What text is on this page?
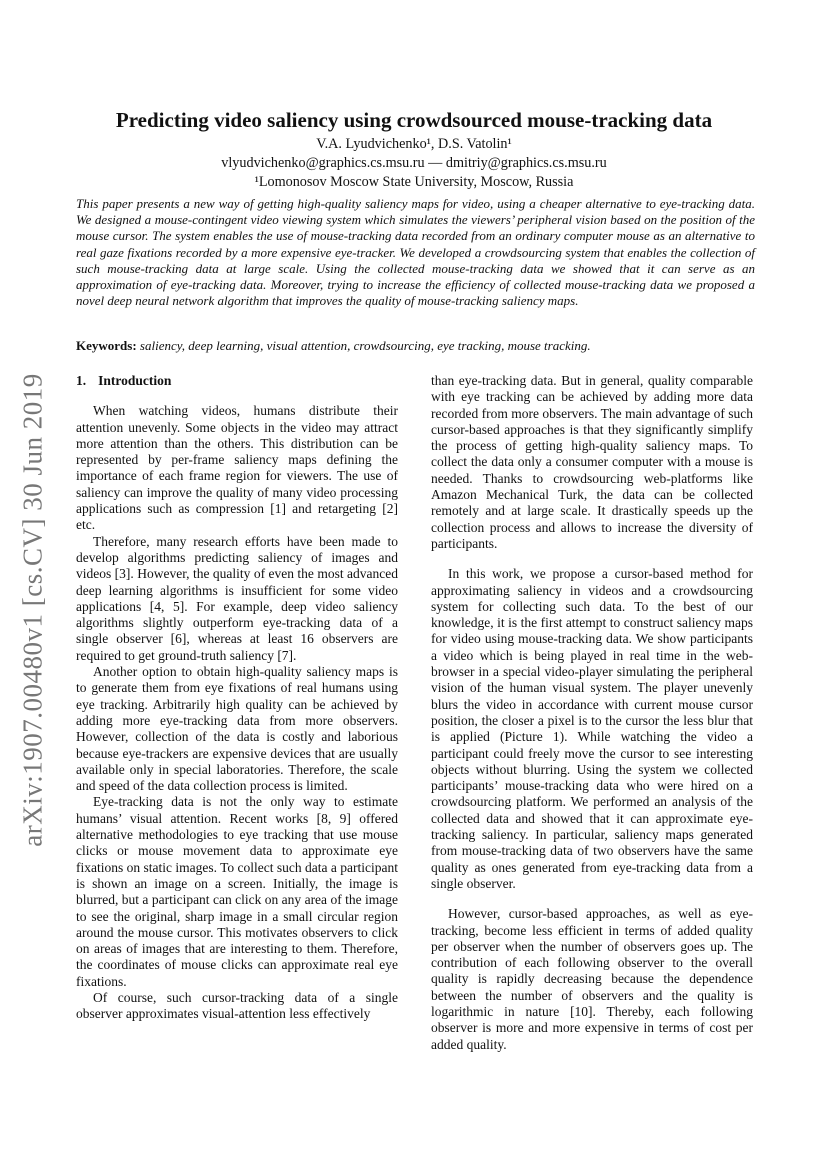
arXiv:1907.00480v1 [cs.CV] 30 Jun 2019
Predicting video saliency using crowdsourced mouse-tracking data
V.A. Lyudvichenko¹, D.S. Vatolin¹
vlyudvichenko@graphics.cs.msu.ru — dmitriy@graphics.cs.msu.ru
¹Lomonosov Moscow State University, Moscow, Russia

This paper presents a new way of getting high-quality saliency maps for video, using a cheaper alternative to eye-tracking data. We designed a mouse-contingent video viewing system which simulates the viewers’ peripheral vision based on the position of the mouse cursor. The system enables the use of mouse-tracking data recorded from an ordinary computer mouse as an alternative to real gaze fixations recorded by a more expensive eye-tracker. We developed a crowdsourcing system that enables the collection of such mouse-tracking data at large scale. Using the collected mouse-tracking data we showed that it can serve as an approximation of eye-tracking data. Moreover, trying to increase the efficiency of collected mouse-tracking data we proposed a novel deep neural network algorithm that improves the quality of mouse-tracking saliency maps.

Keywords: saliency, deep learning, visual attention, crowdsourcing, eye tracking, mouse tracking.
1. Introduction

When watching videos, humans distribute their attention unevenly. Some objects in the video may attract more attention than the others. This distribution can be represented by per-frame saliency maps defining the importance of each frame region for viewers. The use of saliency can improve the quality of many video processing applications such as compression [1] and retargeting [2] etc.

Therefore, many research efforts have been made to develop algorithms predicting saliency of images and videos [3]. However, the quality of even the most advanced deep learning algorithms is insufficient for some video applications [4, 5]. For example, deep video saliency algorithms slightly outperform eye-tracking data of a single observer [6], whereas at least 16 observers are required to get ground-truth saliency [7].

Another option to obtain high-quality saliency maps is to generate them from eye fixations of real humans using eye tracking. Arbitrarily high quality can be achieved by adding more eye-tracking data from more observers. However, collection of the data is costly and laborious because eye-trackers are expensive devices that are usually available only in special laboratories. Therefore, the scale and speed of the data collection process is limited.

Eye-tracking data is not the only way to estimate humans’ visual attention. Recent works [8, 9] offered alternative methodologies to eye tracking that use mouse clicks or mouse movement data to approximate eye fixations on static images. To collect such data a participant is shown an image on a screen. Initially, the image is blurred, but a participant can click on any area of the image to see the original, sharp image in a small circular region around the mouse cursor. This motivates observers to click on areas of images that are interesting to them. Therefore, the coordinates of mouse clicks can approximate real eye fixations.

Of course, such cursor-tracking data of a single observer approximates visual-attention less effectively

than eye-tracking data. But in general, quality comparable with eye tracking can be achieved by adding more data recorded from more observers. The main advantage of such cursor-based approaches is that they significantly simplify the process of getting high-quality saliency maps. To collect the data only a consumer computer with a mouse is needed. Thanks to crowdsourcing web-platforms like Amazon Mechanical Turk, the data can be collected remotely and at large scale. It drastically speeds up the collection process and allows to increase the diversity of participants.

In this work, we propose a cursor-based method for approximating saliency in videos and a crowdsourcing system for collecting such data. To the best of our knowledge, it is the first attempt to construct saliency maps for video using mouse-tracking data. We show participants a video which is being played in real time in the web-browser in a special video-player simulating the peripheral vision of the human visual system. The player unevenly blurs the video in accordance with current mouse cursor position, the closer a pixel is to the cursor the less blur that is applied (Picture 1). While watching the video a participant could freely move the cursor to see interesting objects without blurring. Using the system we collected participants’ mouse-tracking data who were hired on a crowdsourcing platform. We performed an analysis of the collected data and showed that it can approximate eye-tracking saliency. In particular, saliency maps generated from mouse-tracking data of two observers have the same quality as ones generated from eye-tracking data from a single observer.

However, cursor-based approaches, as well as eye-tracking, become less efficient in terms of added quality per observer when the number of observers goes up. The contribution of each following observer to the overall quality is rapidly decreasing because the dependence between the number of observers and the quality is logarithmic in nature [10]. Thereby, each following observer is more and more expensive in terms of cost per added quality.
